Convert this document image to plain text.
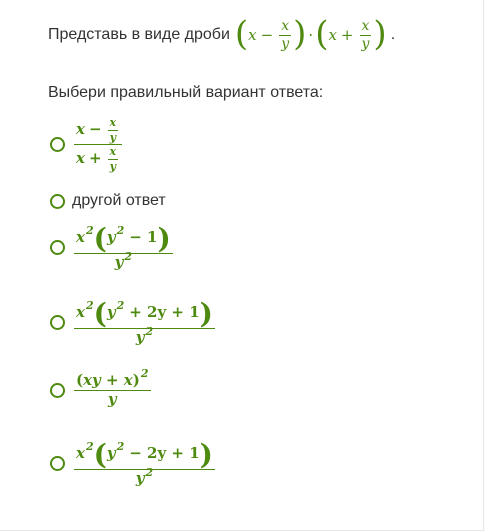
Представь в виде дроби ( $x - \frac{x}{y}$ ) · ( $x + \frac{x}{y}$ ) .
Выбери правильный вариант ответа:
$\frac{x - \frac{x}{y}}{x + \frac{x}{y}}$
другой ответ
$\frac{x 2 ( y 2 - 1 )}{y^2}$
$\frac{x 2 ( y 2 + 2y + 1 )}{y^2}$
$\frac{( xy + x ) 2}{y}$
$\frac{x 2 ( y 2 - 2y + 1 )}{y^2}$
